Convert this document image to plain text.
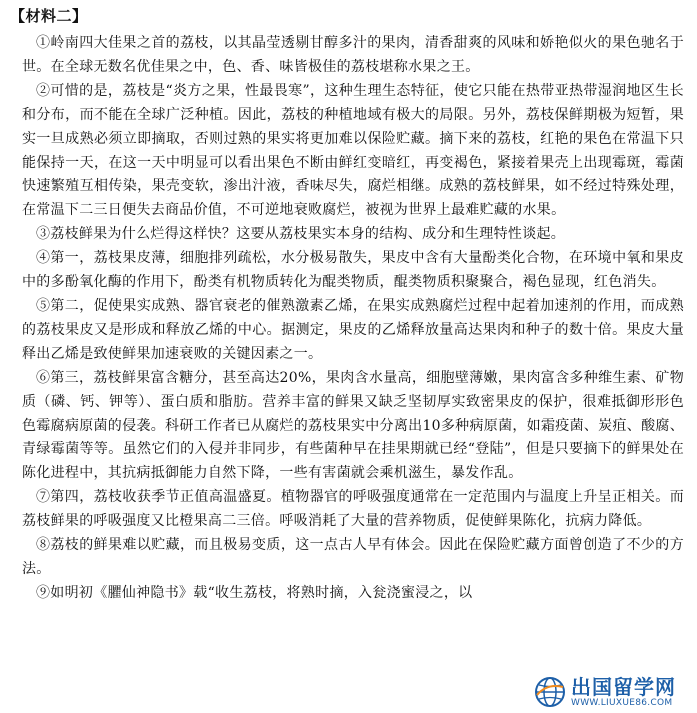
【材料二】

①岭南四大佳果之首的荔枝，以其晶莹透剔甘醇多汁的果肉，清香甜爽的风味和娇艳似火的果色驰名于世。在全球无数名优佳果之中，色、香、味皆极佳的荔枝堪称水果之王。

②可惜的是，荔枝是“炎方之果，性最畏寒”，这种生理生态特征，使它只能在热带亚热带湿润地区生长和分布，而不能在全球广泛种植。因此，荔枝的种植地域有极大的局限。另外，荔枝保鲜期极为短暂，果实一旦成熟必须立即摘取，否则过熟的果实将更加难以保险贮藏。摘下来的荔枝，红艳的果色在常温下只能保持一天，在这一天中明显可以看出果色不断由鲜红变暗红，再变褐色，紧接着果壳上出现霉斑，霉菌快速繁殖互相传染，果壳变软，渗出汁液，香味尽失，腐烂相继。成熟的荔枝鲜果，如不经过特殊处理，在常温下二三日便失去商品价值，不可逆地衰败腐烂，被视为世界上最难贮藏的水果。

③荔枝鲜果为什么烂得这样快？这要从荔枝果实本身的结构、成分和生理特性谈起。

④第一，荔枝果皮薄，细胞排列疏松，水分极易散失，果皮中含有大量酚类化合物，在环境中氧和果皮中的多酚氧化酶的作用下，酚类有机物质转化为醌类物质，醌类物质积聚聚合，褐色显现，红色消失。

⑤第二，促使果实成熟、器官衰老的催熟激素乙烯，在果实成熟腐烂过程中起着加速剂的作用，而成熟的荔枝果皮又是形成和释放乙烯的中心。据测定，果皮的乙烯释放量高达果肉和种子的数十倍。果皮大量释出乙烯是致使鲜果加速衰败的关键因素之一。

⑥第三，荔枝鲜果富含糖分，甚至高达20%，果肉含水量高，细胞壁薄嫩，果肉富含多种维生素、矿物质（磷、钙、钾等）、蛋白质和脂肪。营养丰富的鲜果又缺乏坚韧厚实致密果皮的保护，很难抵御形形色色霉腐病原菌的侵袭。科研工作者已从腐烂的荔枝果实中分离出10多种病原菌，如霜疫菌、炭疽、酸腐、青绿霉菌等等。虽然它们的入侵并非同步，有些菌种早在挂果期就已经“登陆”，但是只要摘下的鲜果处在陈化进程中，其抗病抵御能力自然下降，一些有害菌就会乘机滋生，暴发作乱。

⑦第四，荔枝收获季节正值高温盛夏。植物器官的呼吸强度通常在一定范围内与温度上升呈正相关。而荔枝鲜果的呼吸强度又比橙果高二三倍。呼吸消耗了大量的营养物质，促使鲜果陈化，抗病力降低。

⑧荔枝的鲜果难以贮藏，而且极易变质，这一点古人早有体会。因此在保险贮藏方面曾创造了不少的方法。

⑨如明初《臞仙神隐书》载“收生荔枝，将熟时摘，入瓮浇蜜浸之，以

出国留学网
WWW.LIUXUE86.COM
